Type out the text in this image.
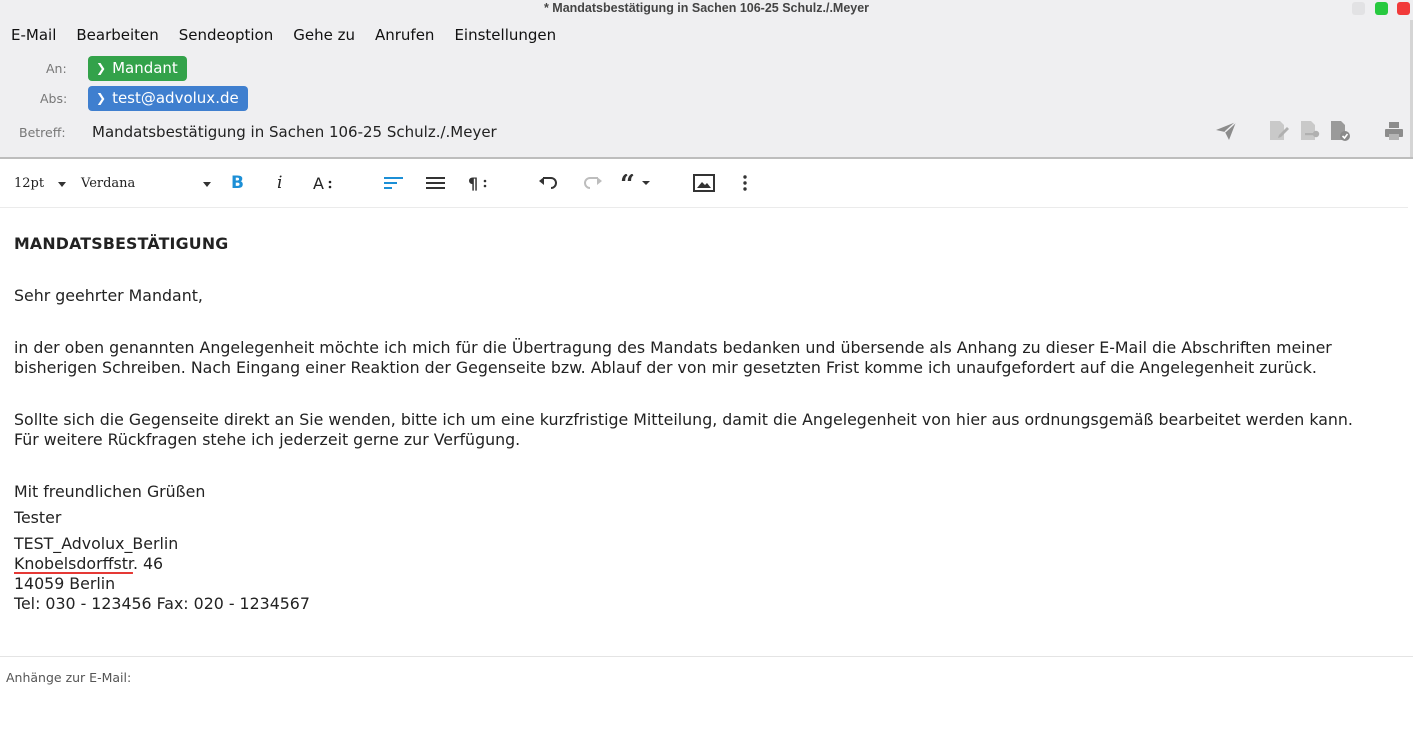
* Mandatsbestätigung in Sachen 106-25 Schulz./.Meyer
E-Mail Bearbeiten Sendeoption Gehe zu Anrufen Einstellungen
An: ❯ Mandant
Abs: ❯ test@advolux.de
Betreff: Mandatsbestätigung in Sachen 106-25 Schulz./.Meyer
12pt	Verdana	B i A	¶	“
MANDATSBESTÄTIGUNG
Sehr geehrter Mandant,
in der oben genannten Angelegenheit möchte ich mich für die Übertragung des Mandats bedanken und übersende als Anhang zu dieser E-Mail die Abschriften meiner
bisherigen Schreiben. Nach Eingang einer Reaktion der Gegenseite bzw. Ablauf der von mir gesetzten Frist komme ich unaufgefordert auf die Angelegenheit zurück.
Sollte sich die Gegenseite direkt an Sie wenden, bitte ich um eine kurzfristige Mitteilung, damit die Angelegenheit von hier aus ordnungsgemäß bearbeitet werden kann.
Für weitere Rückfragen stehe ich jederzeit gerne zur Verfügung.
Mit freundlichen Grüßen
Tester
TEST_Advolux_Berlin
Knobelsdorffstr. 46
14059 Berlin
Tel: 030 - 123456 Fax: 020 - 1234567
Anhänge zur E-Mail:
